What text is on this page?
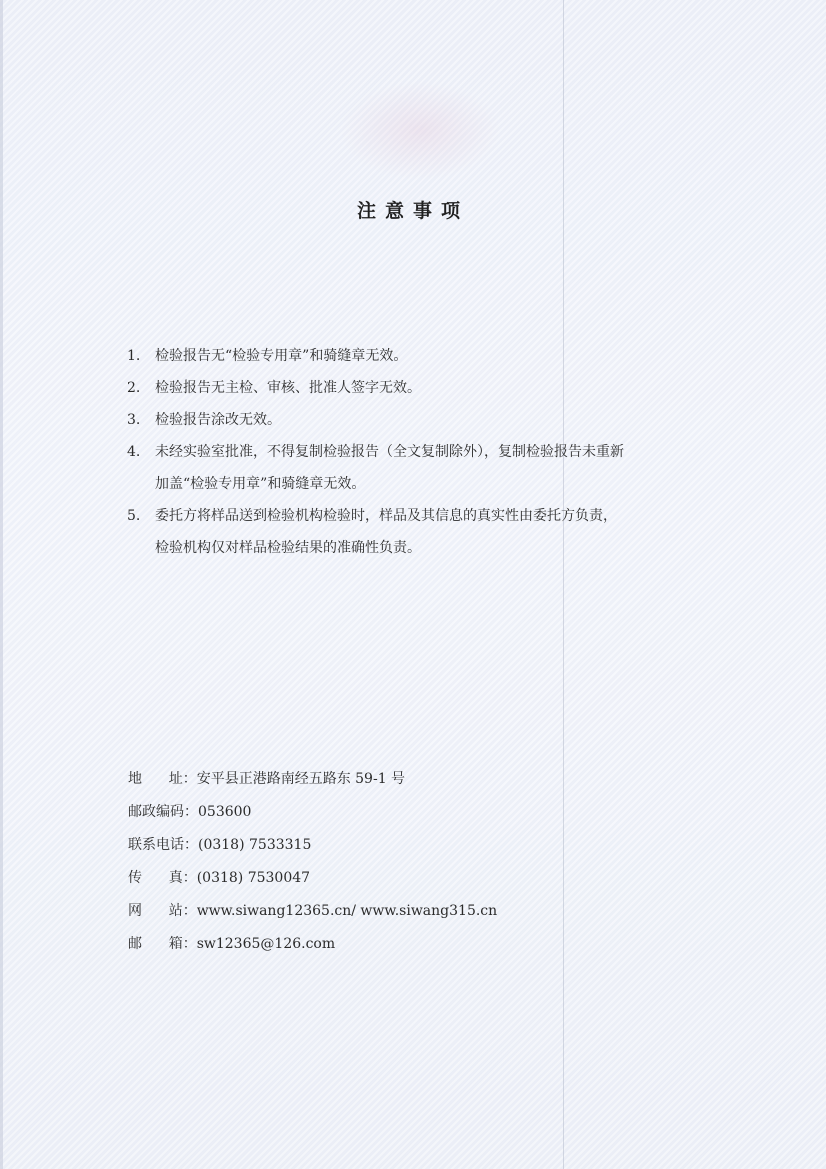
注意事项
1.	检验报告无“检验专用章”和骑缝章无效。
2.	检验报告无主检、审核、批准人签字无效。
3.	检验报告涂改无效。
4.	未经实验室批准，不得复制检验报告（全文复制除外），复制检验报告未重新
加盖“检验专用章”和骑缝章无效。
5.	委托方将样品送到检验机构检验时，样品及其信息的真实性由委托方负责，
检验机构仅对样品检验结果的准确性负责。
地      址： 安平县正港路南经五路东 59-1 号
邮政编码： 053600
联系电话： (0318) 7533315
传      真： (0318) 7530047
网      站： www.siwang12365.cn/ www.siwang315.cn
邮      箱： sw12365@126.com
